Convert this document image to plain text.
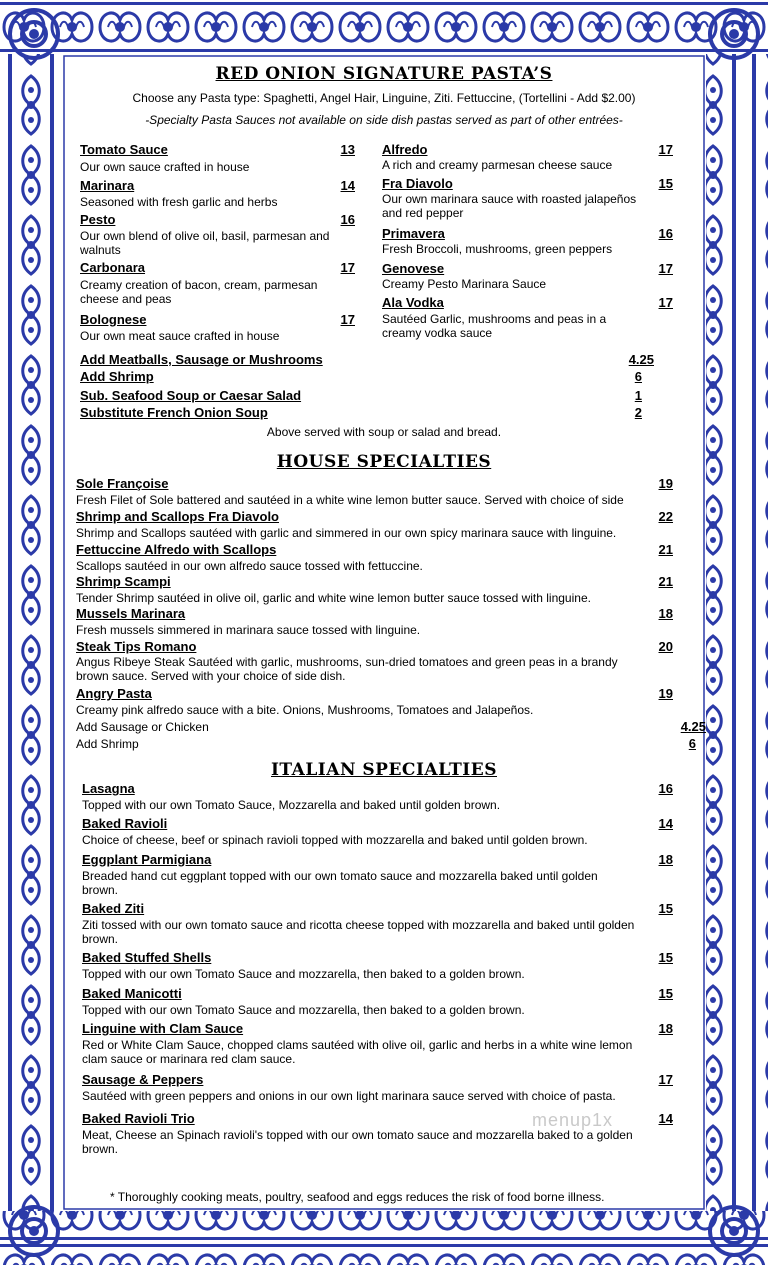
RED ONION SIGNATURE PASTA’S
Choose any Pasta type: Spaghetti, Angel Hair, Linguine, Ziti. Fettuccine, (Tortellini - Add $2.00)
-Specialty Pasta Sauces not available on side dish pastas served as part of other entrées-
Tomato Sauce	13
Our own sauce crafted in house
Marinara	14
Seasoned with fresh garlic and herbs
Pesto	16
Our own blend of olive oil, basil, parmesan and walnuts
Carbonara	17
Creamy creation of bacon, cream, parmesan cheese and peas
Bolognese	17
Our own meat sauce crafted in house
Alfredo	17
A rich and creamy parmesan cheese sauce
Fra Diavolo	15
Our own marinara sauce with roasted jalapeños and red pepper
Primavera	16
Fresh Broccoli, mushrooms, green peppers
Genovese	17
Creamy Pesto Marinara Sauce
Ala Vodka	17
Sautéed Garlic, mushrooms and peas in a creamy vodka sauce
Add Meatballs, Sausage or Mushrooms	4.25
Add Shrimp	6
Sub. Seafood Soup or Caesar Salad	1
Substitute French Onion Soup	2
Above served with soup or salad and bread.
HOUSE SPECIALTIES
Sole Françoise	19
Fresh Filet of Sole battered and sautéed in a white wine lemon butter sauce. Served with choice of side
Shrimp and Scallops Fra Diavolo	22
Shrimp and Scallops sautéed with garlic and simmered in our own spicy marinara sauce with linguine.
Fettuccine Alfredo with Scallops	21
Scallops sautéed in our own alfredo sauce tossed with fettuccine.
Shrimp Scampi	21
Tender Shrimp sautéed in olive oil, garlic and white wine lemon butter sauce tossed with linguine.
Mussels Marinara	18
Fresh mussels simmered in marinara sauce tossed with linguine.
Steak Tips Romano	20
Angus Ribeye Steak Sautéed with garlic, mushrooms, sun-dried tomatoes and green peas in a brandy brown sauce. Served with your choice of side dish.
Angry Pasta	19
Creamy pink alfredo sauce with a bite. Onions, Mushrooms, Tomatoes and Jalapeños.
Add Sausage or Chicken	4.25
Add Shrimp	6
ITALIAN SPECIALTIES
Lasagna	16
Topped with our own Tomato Sauce, Mozzarella and baked until golden brown.
Baked Ravioli	14
Choice of cheese, beef or spinach ravioli topped with mozzarella and baked until golden brown.
Eggplant Parmigiana	18
Breaded hand cut eggplant topped with our own tomato sauce and mozzarella baked until golden brown.
Baked Ziti	15
Ziti tossed with our own tomato sauce and ricotta cheese topped with mozzarella and baked until golden brown.
Baked Stuffed Shells	15
Topped with our own Tomato Sauce and mozzarella, then baked to a golden brown.
Baked Manicotti	15
Topped with our own Tomato Sauce and mozzarella, then baked to a golden brown.
Linguine with Clam Sauce	18
Red or White Clam Sauce, chopped clams sautéed with olive oil, garlic and herbs in a white wine lemon clam sauce or marinara red clam sauce.
Sausage & Peppers	17
Sautéed with green peppers and onions in our own light marinara sauce served with choice of pasta.
Baked Ravioli Trio	14
Meat, Cheese an Spinach ravioli's topped with our own tomato sauce and mozzarella baked to a golden brown.
menup1x
* Thoroughly cooking meats, poultry, seafood and eggs reduces the risk of food borne illness.
